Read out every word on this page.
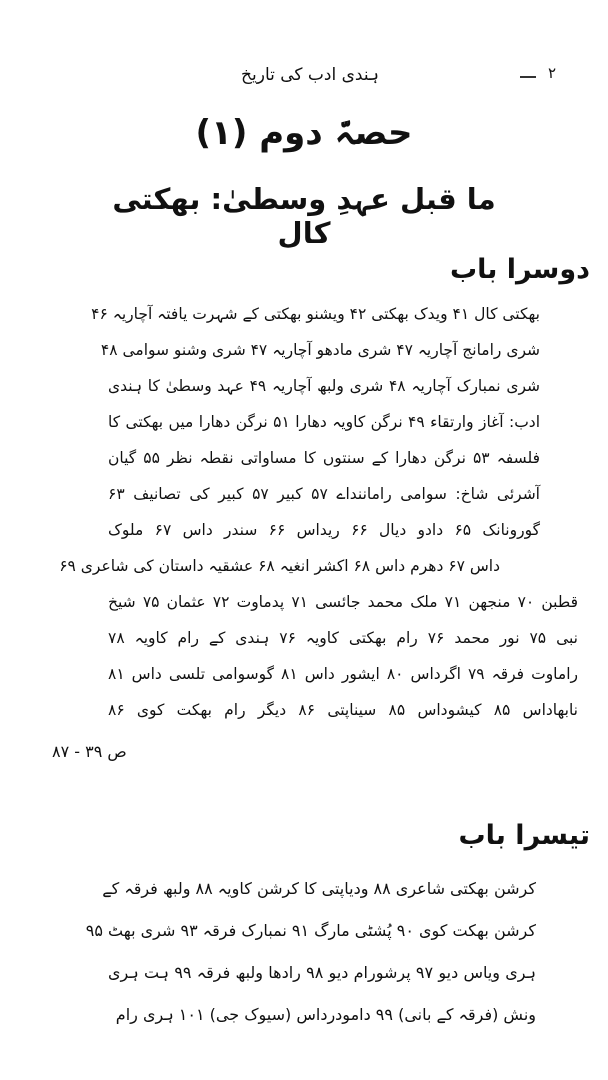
۲
ہندی ادب کی تاریخ
حصہّ دوم (۱)
ما قبل عہدِ وسطیٰ: بھکتی کال
دوسرا باب
بھکتی کال ۴۱ ویدک بھکتی ۴۲ ویشنو بھکتی کے شہرت یافتہ آچاریہ ۴۶
شری رامانج آچاریہ ۴۷ شری مادھو آچاریہ ۴۷ شری وشنو سوامی ۴۸
شری نمبارک آچاریہ ۴۸ شری ولبھ آچاریہ ۴۹ عہد وسطیٰ کا ہندی
ادب: آغاز وارتقاء ۴۹ نرگن کاویہ دھارا ۵۱ نرگن دھارا میں بھکتی کا
فلسفہ ۵۳ نرگن دھارا کے سنتوں کا مساواتی نقطہ نظر ۵۵ گیان
آشرئی شاخ: سوامی راماننداے ۵۷ کبیر ۵۷ کبیر کی تصانیف ۶۳
گورونانک ۶۵ دادو دیال ۶۶ ریداس ۶۶ سندر داس ۶۷ ملوک
داس ۶۷ دھرم داس ۶۸ اکشر انغیہ ۶۸ عشقیہ داستان کی شاعری ۶۹
قطبن ۷۰ منجھن ۷۱ ملک محمد جائسی ۷۱ پدماوت ۷۲ عثمان ۷۵ شیخ
نبی ۷۵ نور محمد ۷۶ رام بھکتی کاویہ ۷۶ ہندی کے رام کاویہ ۷۸
راماوت فرقہ ۷۹ اگرداس ۸۰ ایشور داس ۸۱ گوسوامی تلسی داس ۸۱
نابھاداس ۸۵ کیشوداس ۸۵ سیناپتی ۸۶ دیگر رام بھکت کوی ۸۶
ص ۳۹ - ۸۷
تیسرا باب
کرشن بھکتی شاعری ۸۸ ودیاپتی کا کرشن کاویہ ۸۸ ولبھ فرقہ کے
کرشن بھکت کوی ۹۰ پُشٹی مارگ ۹۱ نمبارک فرقہ ۹۳ شری بھٹ ۹۵
ہری ویاس دیو ۹۷ پرشورام دیو ۹۸ رادھا ولبھ فرقہ ۹۹ ہت ہری
ونش (فرقہ کے بانی) ۹۹ دامودرداس (سیوک جی) ۱۰۱ ہری رام
